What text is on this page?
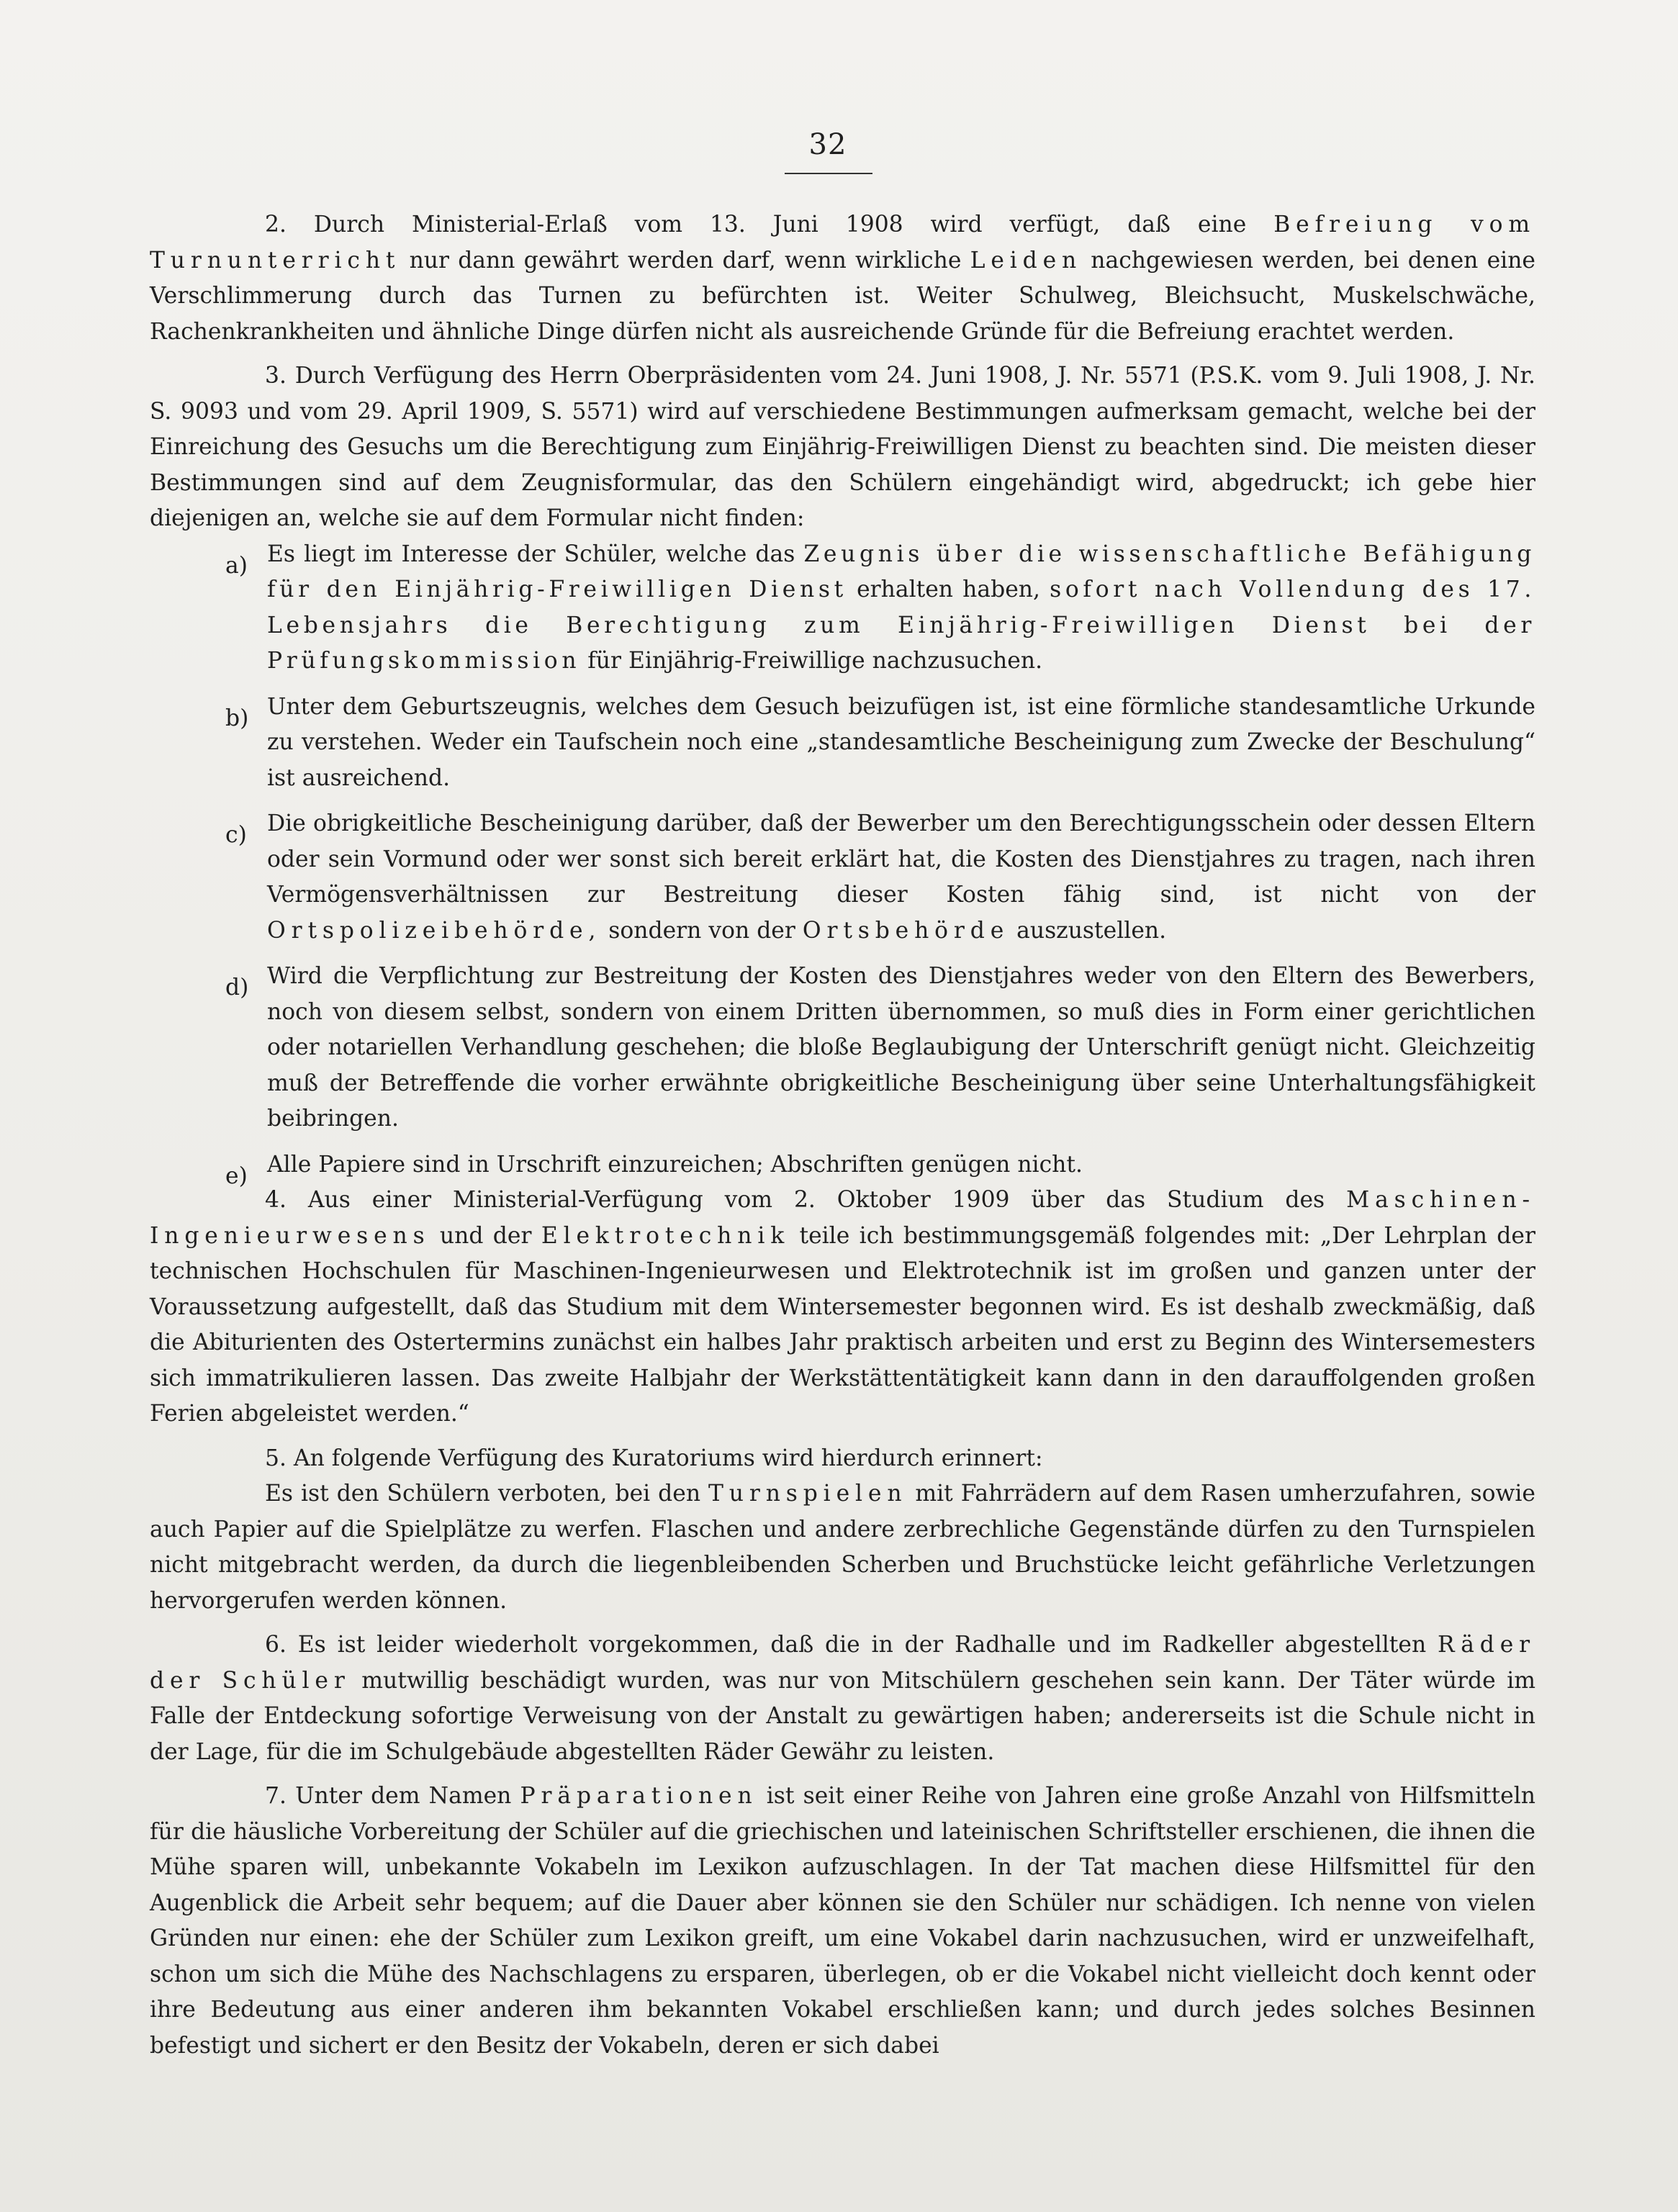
32

2. Durch Ministerial-Erlaß vom 13. Juni 1908 wird verfügt, daß eine Befreiung vom Turnunterricht nur dann gewährt werden darf, wenn wirkliche Leiden nachgewiesen werden, bei denen eine Verschlimmerung durch das Turnen zu befürchten ist. Weiter Schulweg, Bleichsucht, Muskelschwäche, Rachenkrankheiten und ähnliche Dinge dürfen nicht als ausreichende Gründe für die Befreiung erachtet werden.

3. Durch Verfügung des Herrn Oberpräsidenten vom 24. Juni 1908, J. Nr. 5571 (P.S.K. vom 9. Juli 1908, J. Nr. S. 9093 und vom 29. April 1909, S. 5571) wird auf verschiedene Bestimmungen aufmerksam gemacht, welche bei der Einreichung des Gesuchs um die Berechtigung zum Einjährig-Freiwilligen Dienst zu beachten sind. Die meisten dieser Bestimmungen sind auf dem Zeugnisformular, das den Schülern eingehändigt wird, abgedruckt; ich gebe hier diejenigen an, welche sie auf dem Formular nicht finden:

a) Es liegt im Interesse der Schüler, welche das Zeugnis über die wissenschaftliche Befähigung für den Einjährig-Freiwilligen Dienst erhalten haben, sofort nach Vollendung des 17. Lebensjahrs die Berechtigung zum Einjährig-Freiwilligen Dienst bei der Prüfungskommission für Einjährig-Freiwillige nachzusuchen.
b) Unter dem Geburtszeugnis, welches dem Gesuch beizufügen ist, ist eine förmliche standesamtliche Urkunde zu verstehen. Weder ein Taufschein noch eine „standesamtliche Bescheinigung zum Zwecke der Beschulung“ ist ausreichend.
c) Die obrigkeitliche Bescheinigung darüber, daß der Bewerber um den Berechtigungsschein oder dessen Eltern oder sein Vormund oder wer sonst sich bereit erklärt hat, die Kosten des Dienstjahres zu tragen, nach ihren Vermögensverhältnissen zur Bestreitung dieser Kosten fähig sind, ist nicht von der Ortspolizeibehörde, sondern von der Ortsbehörde auszustellen.
d) Wird die Verpflichtung zur Bestreitung der Kosten des Dienstjahres weder von den Eltern des Bewerbers, noch von diesem selbst, sondern von einem Dritten übernommen, so muß dies in Form einer gerichtlichen oder notariellen Verhandlung geschehen; die bloße Beglaubigung der Unterschrift genügt nicht. Gleichzeitig muß der Betreffende die vorher erwähnte obrigkeitliche Bescheinigung über seine Unterhaltungsfähigkeit beibringen.
e) Alle Papiere sind in Urschrift einzureichen; Abschriften genügen nicht.

4. Aus einer Ministerial-Verfügung vom 2. Oktober 1909 über das Studium des Maschinen-Ingenieurwesens und der Elektrotechnik teile ich bestimmungsgemäß folgendes mit: „Der Lehrplan der technischen Hochschulen für Maschinen-Ingenieurwesen und Elektrotechnik ist im großen und ganzen unter der Voraussetzung aufgestellt, daß das Studium mit dem Wintersemester begonnen wird. Es ist deshalb zweckmäßig, daß die Abiturienten des Ostertermins zunächst ein halbes Jahr praktisch arbeiten und erst zu Beginn des Wintersemesters sich immatrikulieren lassen. Das zweite Halbjahr der Werkstättentätigkeit kann dann in den darauffolgenden großen Ferien abgeleistet werden.“

5. An folgende Verfügung des Kuratoriums wird hierdurch erinnert:

Es ist den Schülern verboten, bei den Turnspielen mit Fahrrädern auf dem Rasen umherzufahren, sowie auch Papier auf die Spielplätze zu werfen. Flaschen und andere zerbrechliche Gegenstände dürfen zu den Turnspielen nicht mitgebracht werden, da durch die liegenbleibenden Scherben und Bruchstücke leicht gefährliche Verletzungen hervorgerufen werden können.

6. Es ist leider wiederholt vorgekommen, daß die in der Radhalle und im Radkeller abgestellten Räder der Schüler mutwillig beschädigt wurden, was nur von Mitschülern geschehen sein kann. Der Täter würde im Falle der Entdeckung sofortige Verweisung von der Anstalt zu gewärtigen haben; andererseits ist die Schule nicht in der Lage, für die im Schulgebäude abgestellten Räder Gewähr zu leisten.

7. Unter dem Namen Präparationen ist seit einer Reihe von Jahren eine große Anzahl von Hilfsmitteln für die häusliche Vorbereitung der Schüler auf die griechischen und lateinischen Schriftsteller erschienen, die ihnen die Mühe sparen will, unbekannte Vokabeln im Lexikon aufzuschlagen. In der Tat machen diese Hilfsmittel für den Augenblick die Arbeit sehr bequem; auf die Dauer aber können sie den Schüler nur schädigen. Ich nenne von vielen Gründen nur einen: ehe der Schüler zum Lexikon greift, um eine Vokabel darin nachzusuchen, wird er unzweifelhaft, schon um sich die Mühe des Nachschlagens zu ersparen, überlegen, ob er die Vokabel nicht vielleicht doch kennt oder ihre Bedeutung aus einer anderen ihm bekannten Vokabel erschließen kann; und durch jedes solches Besinnen befestigt und sichert er den Besitz der Vokabeln, deren er sich dabei
